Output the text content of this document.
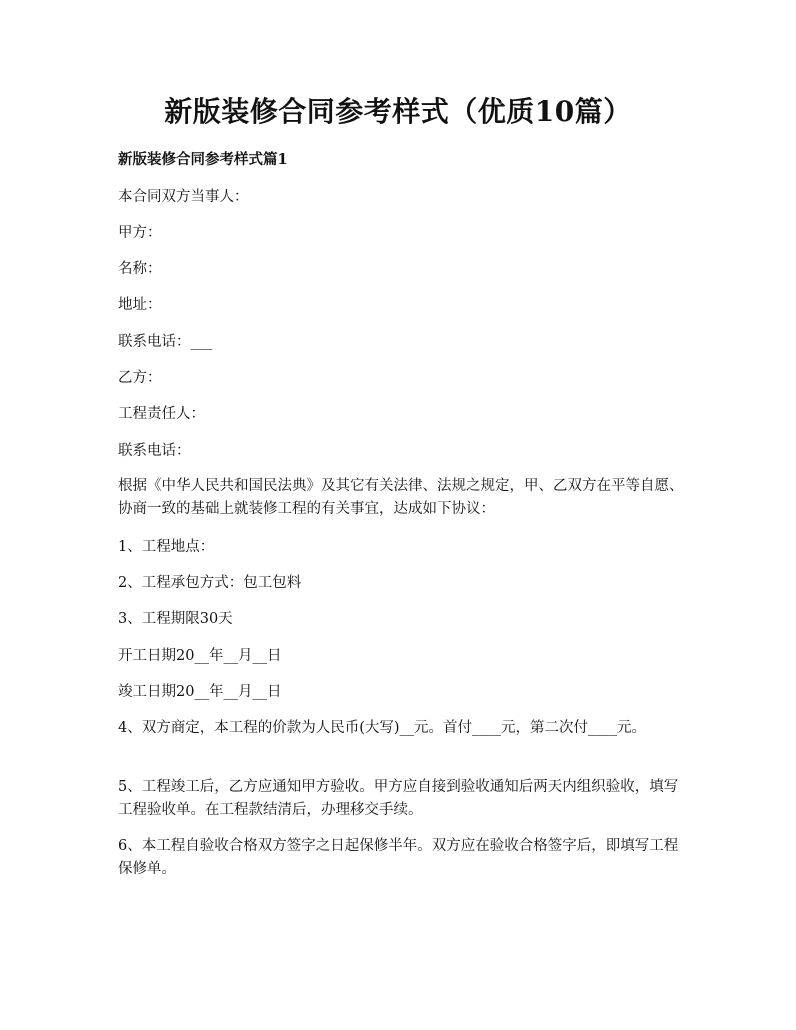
新版装修合同参考样式（优质10篇）
新版装修合同参考样式篇1
本合同双方当事人：
甲方：
名称：
地址：
联系电话：___
乙方：
工程责任人：
联系电话：
根据《中华人民共和国民法典》及其它有关法律、法规之规定，甲、乙双方在平等自愿、协商一致的基础上就装修工程的有关事宜，达成如下协议：
1、工程地点：
2、工程承包方式：包工包料
3、工程期限30天
开工日期20__年__月__日
竣工日期20__年__月__日
4、双方商定，本工程的价款为人民币(大写)__元。首付____元，第二次付____元。
5、工程竣工后，乙方应通知甲方验收。甲方应自接到验收通知后两天内组织验收，填写工程验收单。在工程款结清后，办理移交手续。
6、本工程自验收合格双方签字之日起保修半年。双方应在验收合格签字后，即填写工程保修单。
